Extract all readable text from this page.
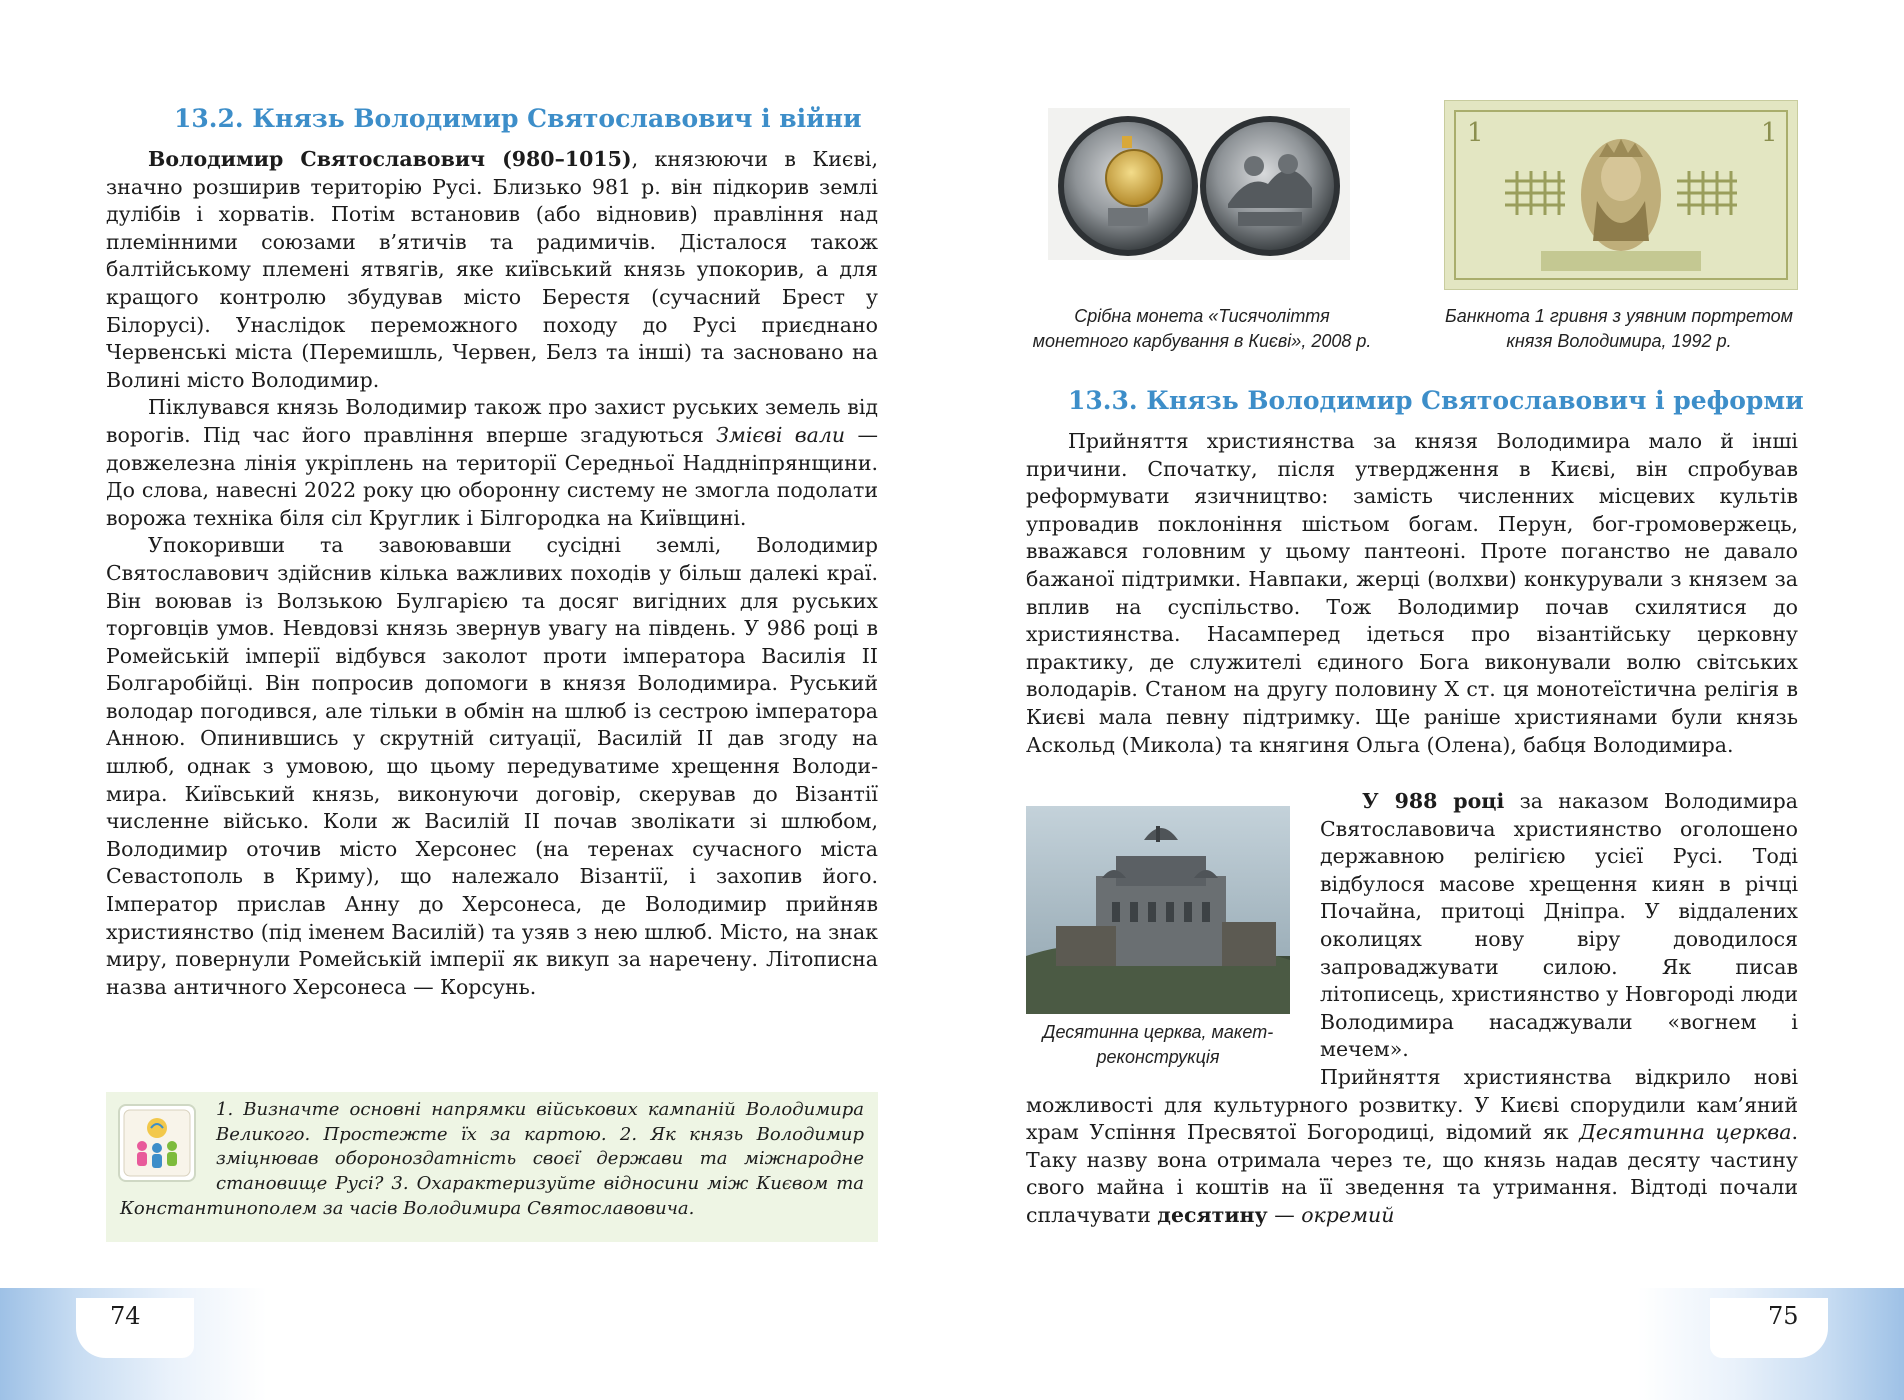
13.2. Князь Володимир Святославович і війни

Володимир Святославович (980–1015), князюючи в Києві, значно розширив територію Русі. Близько 981 р. він підкорив землі дулібів і хорватів. Потім встановив (або відновив) правління над племінними союзами в’ятичів та радимичів. Дісталося також балтійському племені ятвягів, яке київський князь упокорив, а для кращого контролю збудував місто Берестя (сучасний Брест у Білорусі). Унаслідок переможного походу до Русі приєднано Червенські міста (Перемишль, Червен, Белз та інші) та засновано на Волині місто Володимир.

Піклувався князь Володимир також про захист руських земель від ворогів. Під час його правління вперше згадуються Змієві вали — довжелезна лінія укріплень на території Середньої Наддніпрянщини. До слова, навесні 2022 року цю оборонну систему не змогла подолати ворожа техніка біля сіл Круглик і Білгородка на Київщині.

Упокоривши та завоювавши сусідні землі, Володимир Святославович здійснив кілька важливих походів у більш далекі краї. Він воював із Волзькою Булгарією та досяг вигідних для руських торговців умов. Невдовзі князь звернув увагу на південь. У 986 році в Ромейській імперії відбувся заколот проти імператора Василія ІІ Болгаробійці. Він попросив допомоги в князя Володимира. Руський володар погодився, але тільки в обмін на шлюб із сестрою імператора Анною. Опинившись у скрутній ситуації, Василій ІІ дав згоду на шлюб, однак з умовою, що цьому передуватиме хрещення Володимира. Київський князь, виконуючи договір, скерував до Візантії численне військо. Коли ж Василій ІІ почав зволікати зі шлюбом, Володимир оточив місто Херсонес (на теренах сучасного міста Севастополь в Криму), що належало Візантії, і захопив його. Імператор прислав Анну до Херсонеса, де Володимир прийняв християнство (під іменем Василій) та узяв з нею шлюб. Місто, на знак миру, повернули Ромейській імперії як викуп за наречену. Літописна назва античного Херсонеса — Корсунь.

1. Визначте основні напрямки військових кампаній Володимира Великого. Простежте їх за картою. 2. Як князь Володимир зміцнював обороноздатність своєї держави та міжнародне становище Русі? 3. Охарактеризуйте відносини між Києвом та Константинополем за часів Володимира Святославовича.
74
1	1
Срібна монета «Тисячоліття монетного карбування в Києві», 2008 р.
Банкнота 1 гривня з уявним портретом князя Володимира, 1992 р.
13.3. Князь Володимир Святославович і реформи

Прийняття християнства за князя Володимира мало й інші причини. Спочатку, після утвердження в Києві, він спробував реформувати язичництво: замість численних місцевих культів упровадив поклоніння шістьом богам. Перун, бог-громовержець, вважався головним у цьому пантеоні. Проте поганство не давало бажаної підтримки. Навпаки, жерці (волхви) конкурували з князем за вплив на суспільство. Тож Володимир почав схилятися до християнства. Насамперед ідеться про візантійську церковну практику, де служителі єдиного Бога виконували волю світських володарів. Станом на другу половину Х ст. ця монотеїстична релігія в Києві мала певну підтримку. Ще раніше християнами були князь Аскольд (Микола) та княгиня Ольга (Олена), бабця Володимира.

Десятинна церква, макет-реконструкція

У 988 році за наказом Володимира Святославовича християнство оголошено державною релігією усієї Русі. Тоді відбулося масове хрещення киян в річці Почайна, притоці Дніпра. У віддалених околицях нову віру доводилося запроваджувати силою. Як писав літописець, християнство у Новгороді люди Володимира насаджували «вогнем і мечем».

Прийняття християнства відкрило нові можливості для культурного розвитку. У Києві спорудили кам’яний храм Успіння Пресвятої Богородиці, відомий як Десятинна церква. Таку назву вона отримала через те, що князь надав десяту частину свого майна і коштів на її зведення та утримання. Відтоді почали сплачувати десятину — окремий

75
